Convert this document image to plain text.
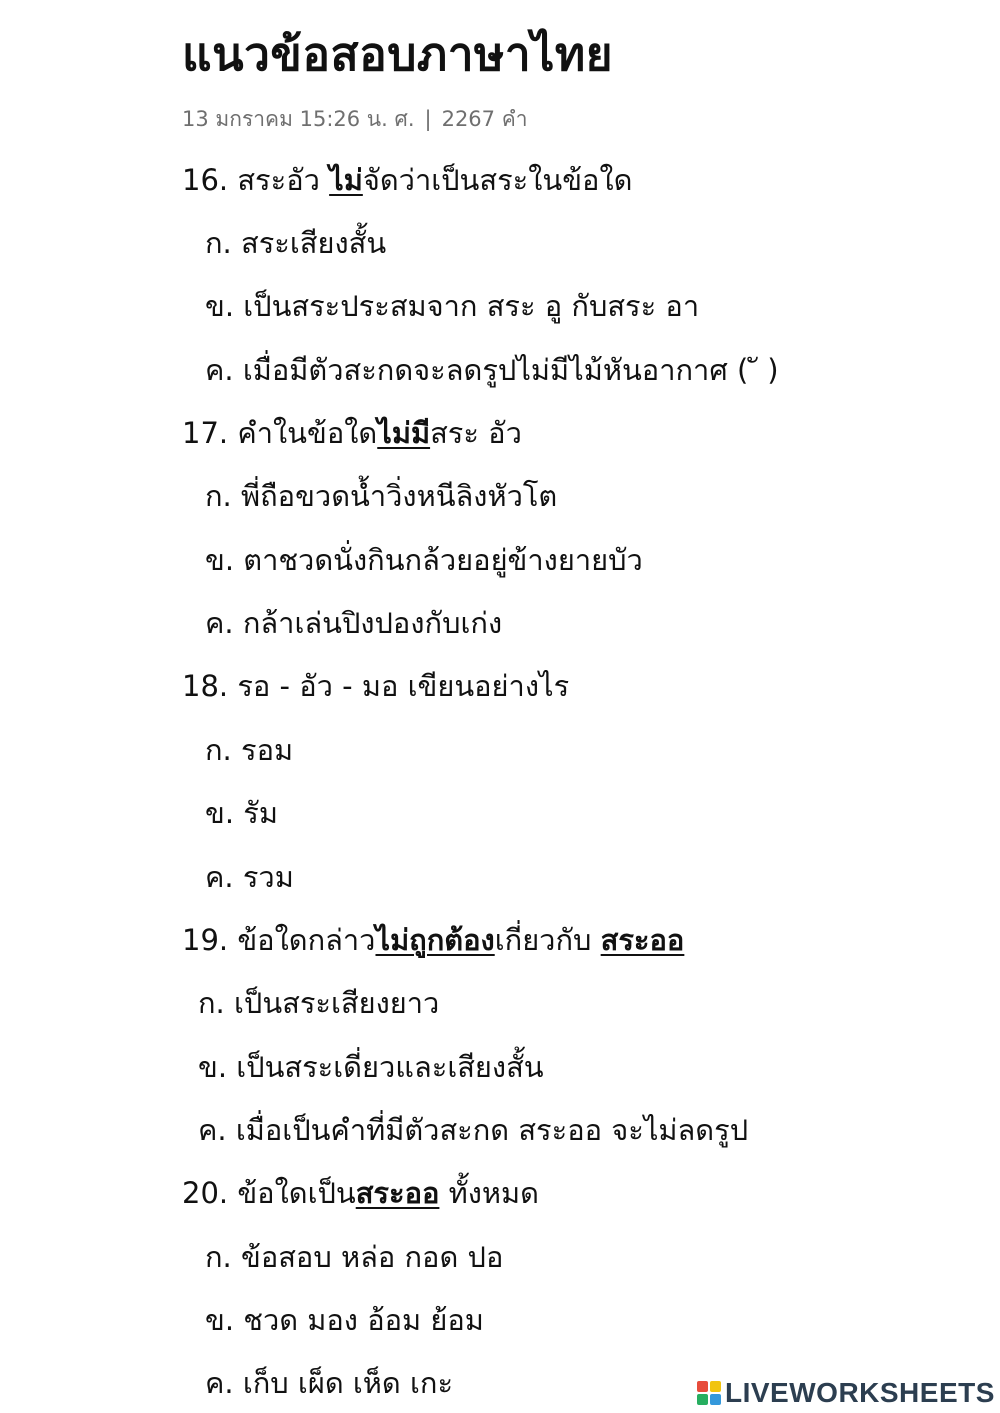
แนวข้อสอบภาษาไทย
13 มกราคม 15:26 น. ศ. | 2267 คำ
16. สระอัว ไม่จัดว่าเป็นสระในข้อใด
ก. สระเสียงสั้น
ข. เป็นสระประสมจาก สระ อู กับสระ อา
ค. เมื่อมีตัวสะกดจะลดรูปไม่มีไม้หันอากาศ ( ั )
17. คำในข้อใดไม่มีสระ อัว
ก. พี่ถือขวดน้ำวิ่งหนีลิงหัวโต
ข. ตาชวดนั่งกินกล้วยอยู่ข้างยายบัว
ค. กล้าเล่นปิงปองกับเก่ง
18. รอ - อัว - มอ เขียนอย่างไร
ก. รอม
ข. รัม
ค. รวม
19. ข้อใดกล่าวไม่ถูกต้องเกี่ยวกับ สระออ
ก. เป็นสระเสียงยาว
ข. เป็นสระเดี่ยวและเสียงสั้น
ค. เมื่อเป็นคำที่มีตัวสะกด สระออ จะไม่ลดรูป
20. ข้อใดเป็นสระออ ทั้งหมด
ก. ข้อสอบ หล่อ กอด ปอ
ข. ชวด มอง อ้อม ย้อม
ค. เก็บ เผ็ด เห็ด เกะ	LIVEWORKSHEETS
